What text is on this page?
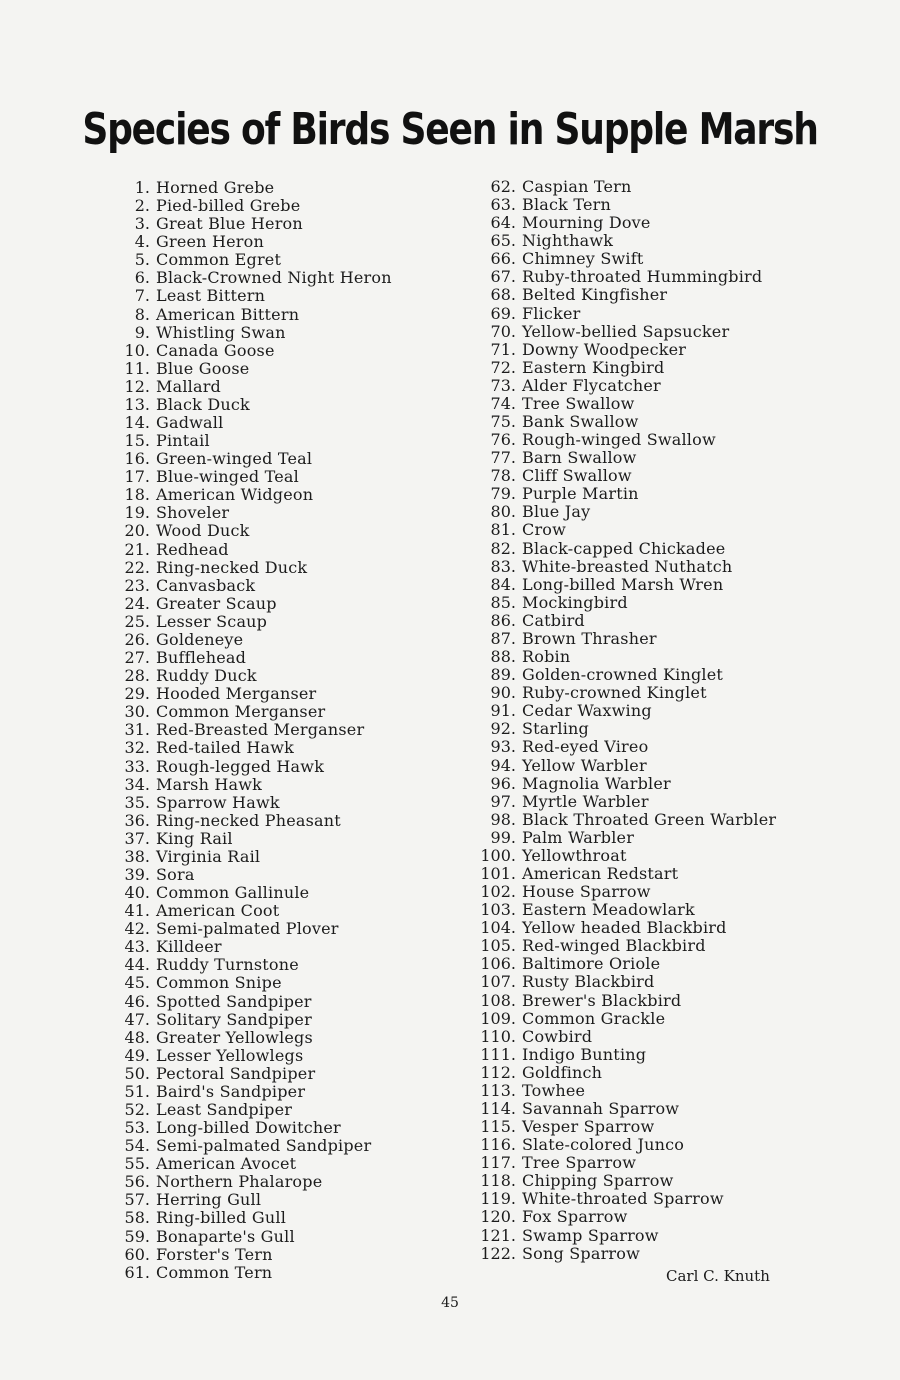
Species of Birds Seen in Supple Marsh
1. Horned Grebe
2. Pied-billed Grebe
3. Great Blue Heron
4. Green Heron
5. Common Egret
6. Black-Crowned Night Heron
7. Least Bittern
8. American Bittern
9. Whistling Swan
10. Canada Goose
11. Blue Goose
12. Mallard
13. Black Duck
14. Gadwall
15. Pintail
16. Green-winged Teal
17. Blue-winged Teal
18. American Widgeon
19. Shoveler
20. Wood Duck
21. Redhead
22. Ring-necked Duck
23. Canvasback
24. Greater Scaup
25. Lesser Scaup
26. Goldeneye
27. Bufflehead
28. Ruddy Duck
29. Hooded Merganser
30. Common Merganser
31. Red-Breasted Merganser
32. Red-tailed Hawk
33. Rough-legged Hawk
34. Marsh Hawk
35. Sparrow Hawk
36. Ring-necked Pheasant
37. King Rail
38. Virginia Rail
39. Sora
40. Common Gallinule
41. American Coot
42. Semi-palmated Plover
43. Killdeer
44. Ruddy Turnstone
45. Common Snipe
46. Spotted Sandpiper
47. Solitary Sandpiper
48. Greater Yellowlegs
49. Lesser Yellowlegs
50. Pectoral Sandpiper
51. Baird's Sandpiper
52. Least Sandpiper
53. Long-billed Dowitcher
54. Semi-palmated Sandpiper
55. American Avocet
56. Northern Phalarope
57. Herring Gull
58. Ring-billed Gull
59. Bonaparte's Gull
60. Forster's Tern
61. Common Tern
62. Caspian Tern
63. Black Tern
64. Mourning Dove
65. Nighthawk
66. Chimney Swift
67. Ruby-throated Hummingbird
68. Belted Kingfisher
69. Flicker
70. Yellow-bellied Sapsucker
71. Downy Woodpecker
72. Eastern Kingbird
73. Alder Flycatcher
74. Tree Swallow
75. Bank Swallow
76. Rough-winged Swallow
77. Barn Swallow
78. Cliff Swallow
79. Purple Martin
80. Blue Jay
81. Crow
82. Black-capped Chickadee
83. White-breasted Nuthatch
84. Long-billed Marsh Wren
85. Mockingbird
86. Catbird
87. Brown Thrasher
88. Robin
89. Golden-crowned Kinglet
90. Ruby-crowned Kinglet
91. Cedar Waxwing
92. Starling
93. Red-eyed Vireo
94. Yellow Warbler
96. Magnolia Warbler
97. Myrtle Warbler
98. Black Throated Green Warbler
99. Palm Warbler
100. Yellowthroat
101. American Redstart
102. House Sparrow
103. Eastern Meadowlark
104. Yellow headed Blackbird
105. Red-winged Blackbird
106. Baltimore Oriole
107. Rusty Blackbird
108. Brewer's Blackbird
109. Common Grackle
110. Cowbird
111. Indigo Bunting
112. Goldfinch
113. Towhee
114. Savannah Sparrow
115. Vesper Sparrow
116. Slate-colored Junco
117. Tree Sparrow
118. Chipping Sparrow
119. White-throated Sparrow
120. Fox Sparrow
121. Swamp Sparrow
122. Song Sparrow

Carl C. Knuth

45
